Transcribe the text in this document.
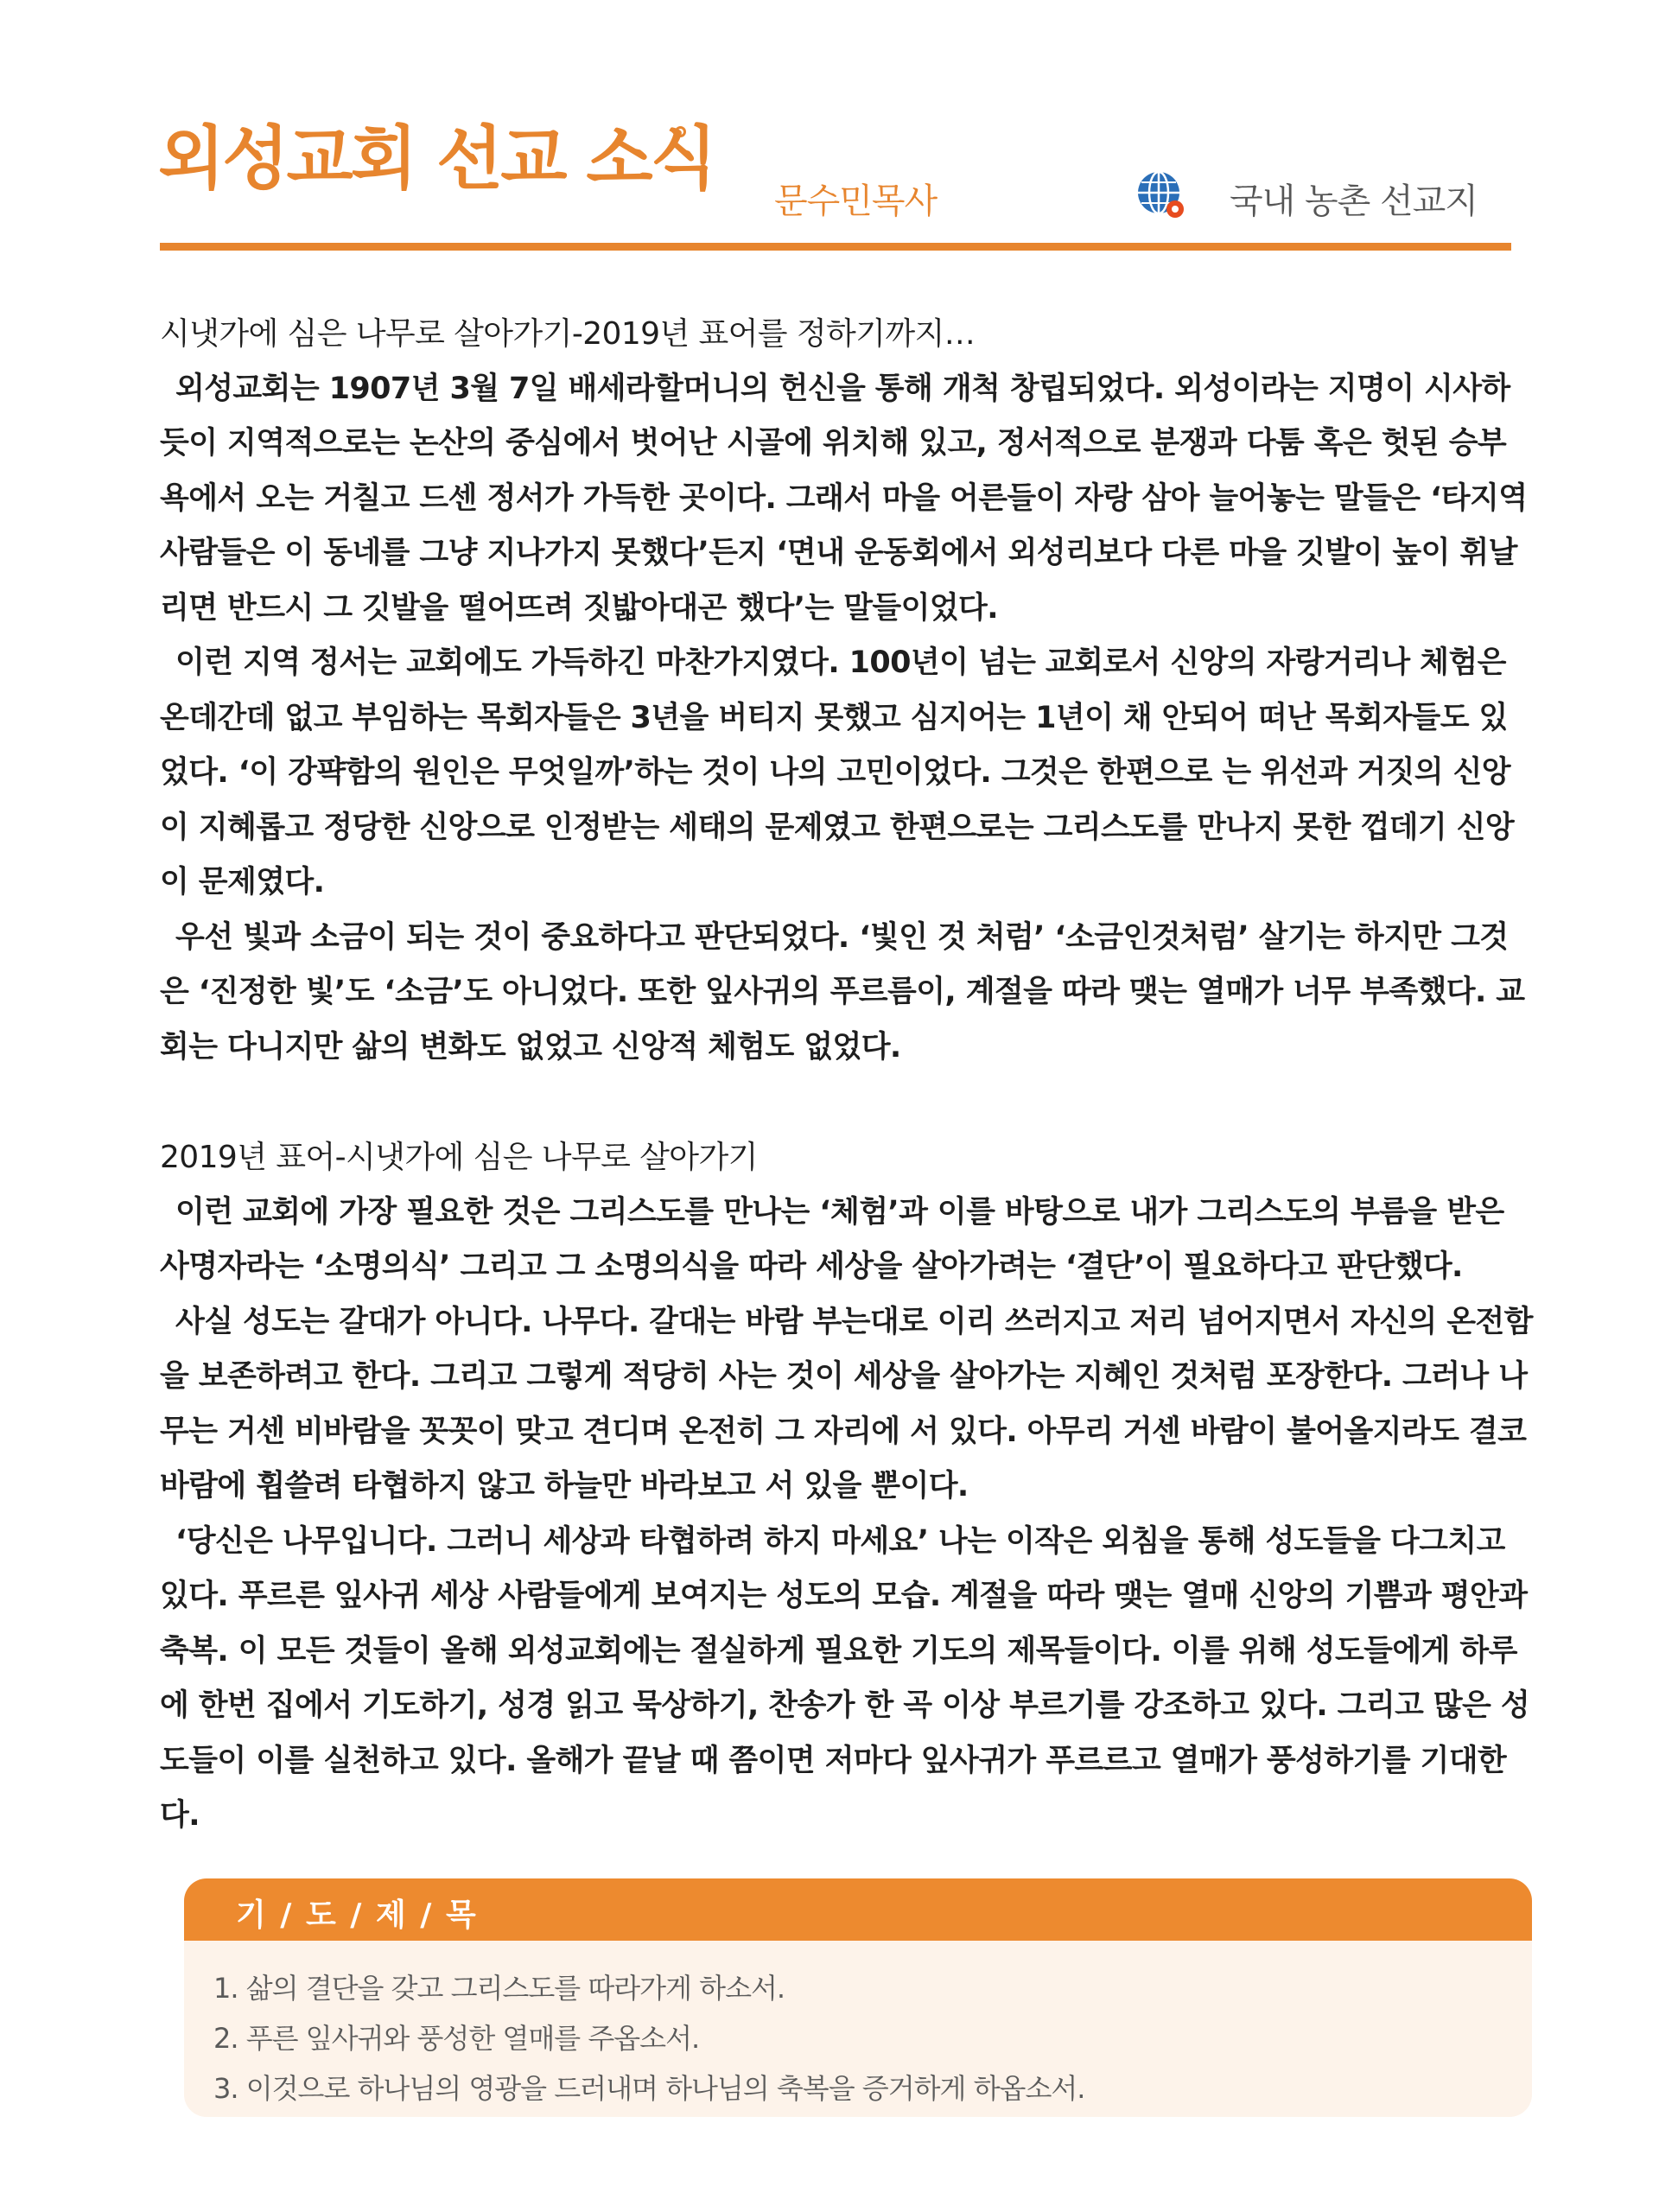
외성교회 선교 소식
문수민목사	국내 농촌 선교지

시냇가에 심은 나무로 살아가기-2019년 표어를 정하기까지…

외성교회는 1907년 3월 7일 배세라할머니의 헌신을 통해 개척 창립되었다. 외성이라는 지명이 시사하듯이 지역적으로는 논산의 중심에서 벗어난 시골에 위치해 있고, 정서적으로 분쟁과 다툼 혹은 헛된 승부욕에서 오는 거칠고 드센 정서가 가득한 곳이다. 그래서 마을 어른들이 자랑 삼아 늘어놓는 말들은 ‘타지역 사람들은 이 동네를 그냥 지나가지 못했다’든지 ‘면내 운동회에서 외성리보다 다른 마을 깃발이 높이 휘날리면 반드시 그 깃발을 떨어뜨려 짓밟아대곤 했다’는 말들이었다.

이런 지역 정서는 교회에도 가득하긴 마찬가지였다. 100년이 넘는 교회로서 신앙의 자랑거리나 체험은 온데간데 없고 부임하는 목회자들은 3년을 버티지 못했고 심지어는 1년이 채 안되어 떠난 목회자들도 있었다. ‘이 강퍅함의 원인은 무엇일까’하는 것이 나의 고민이었다. 그것은 한편으로 는 위선과 거짓의 신앙이 지혜롭고 정당한 신앙으로 인정받는 세태의 문제였고 한편으로는 그리스도를 만나지 못한 껍데기 신앙이 문제였다.

우선 빛과 소금이 되는 것이 중요하다고 판단되었다. ‘빛인 것 처럼’ ‘소금인것처럼’ 살기는 하지만 그것은 ‘진정한 빛’도 ‘소금’도 아니었다. 또한 잎사귀의 푸르름이, 계절을 따라 맺는 열매가 너무 부족했다. 교회는 다니지만 삶의 변화도 없었고 신앙적 체험도 없었다.

2019년 표어-시냇가에 심은 나무로 살아가기

이런 교회에 가장 필요한 것은 그리스도를 만나는 ‘체험’과 이를 바탕으로 내가 그리스도의 부름을 받은 사명자라는 ‘소명의식’ 그리고 그 소명의식을 따라 세상을 살아가려는 ‘결단’이 필요하다고 판단했다.

사실 성도는 갈대가 아니다. 나무다. 갈대는 바람 부는대로 이리 쓰러지고 저리 넘어지면서 자신의 온전함을 보존하려고 한다. 그리고 그렇게 적당히 사는 것이 세상을 살아가는 지혜인 것처럼 포장한다. 그러나 나무는 거센 비바람을 꼿꼿이 맞고 견디며 온전히 그 자리에 서 있다. 아무리 거센 바람이 불어올지라도 결코 바람에 휩쓸려 타협하지 않고 하늘만 바라보고 서 있을 뿐이다.

‘당신은 나무입니다. 그러니 세상과 타협하려 하지 마세요’ 나는 이작은 외침을 통해 성도들을 다그치고 있다. 푸르른 잎사귀 세상 사람들에게 보여지는 성도의 모습. 계절을 따라 맺는 열매 신앙의 기쁨과 평안과 축복. 이 모든 것들이 올해 외성교회에는 절실하게 필요한 기도의 제목들이다. 이를 위해 성도들에게 하루에 한번 집에서 기도하기, 성경 읽고 묵상하기, 찬송가 한 곡 이상 부르기를 강조하고 있다. 그리고 많은 성도들이 이를 실천하고 있다. 올해가 끝날 때 쯤이면 저마다 잎사귀가 푸르르고 열매가 풍성하기를 기대한다.

기 / 도 / 제 / 목
1. 삶의 결단을 갖고 그리스도를 따라가게 하소서.
2. 푸른 잎사귀와 풍성한 열매를 주옵소서.
3. 이것으로 하나님의 영광을 드러내며 하나님의 축복을 증거하게 하옵소서.
